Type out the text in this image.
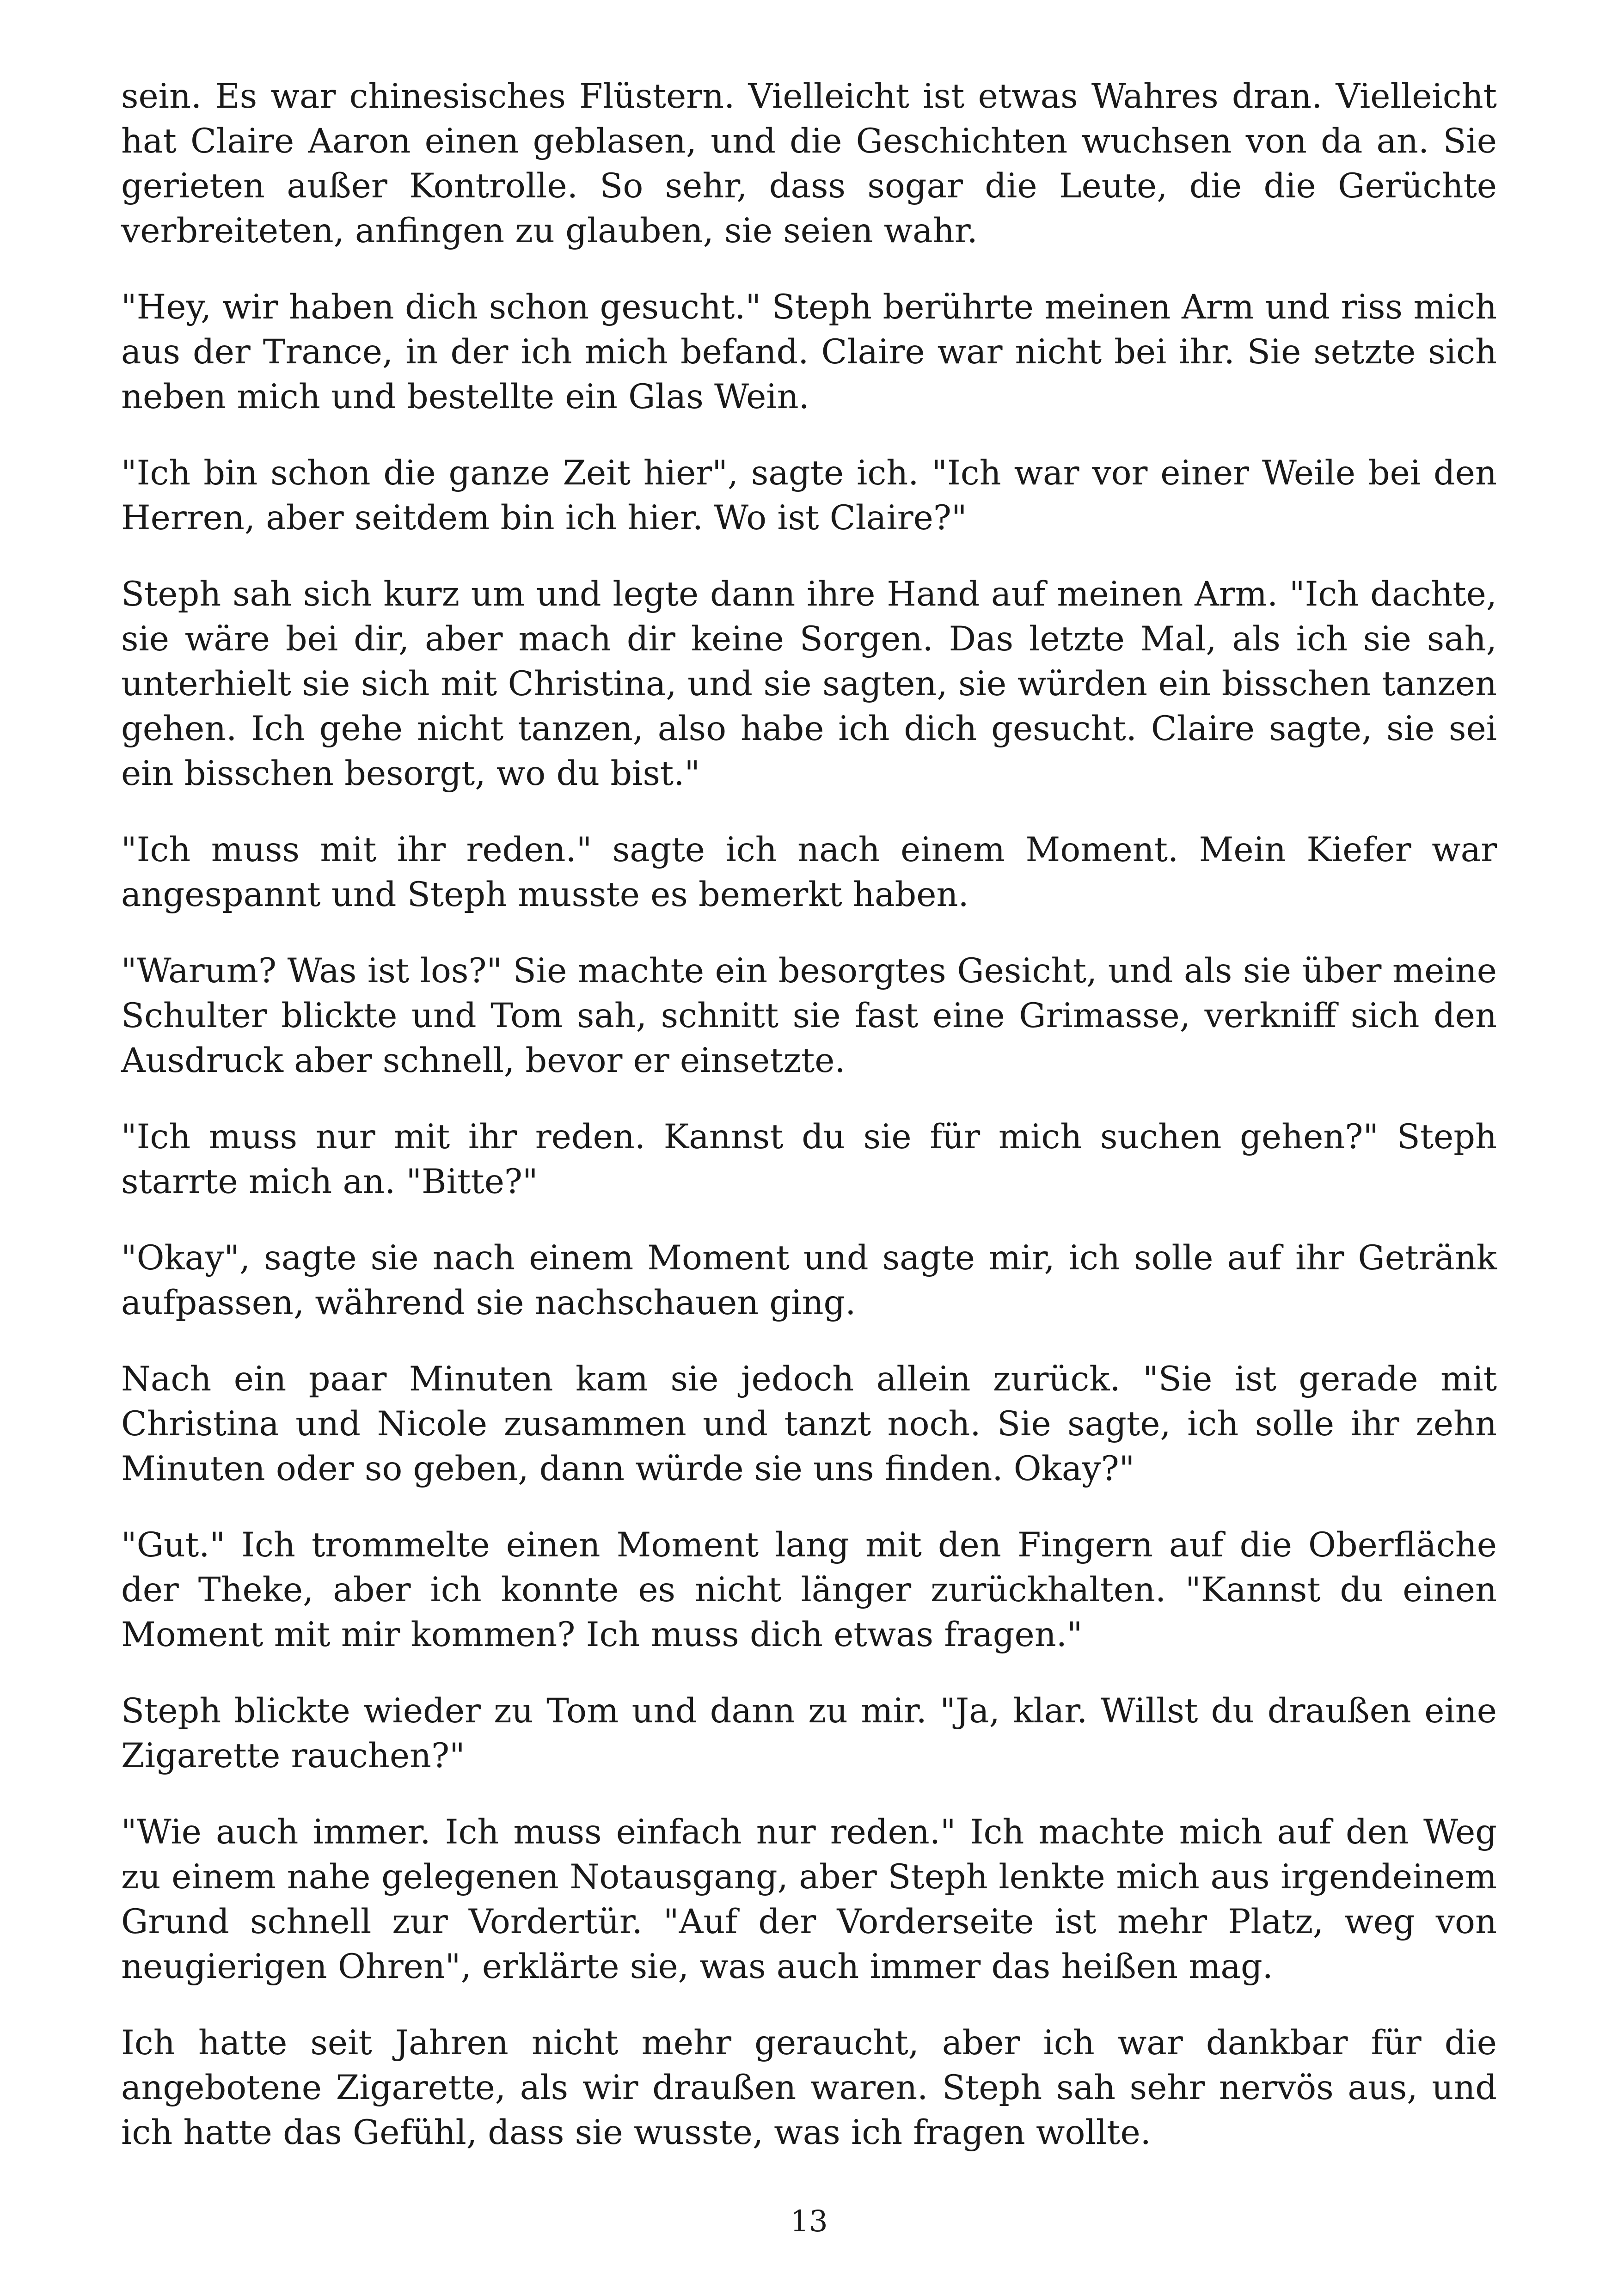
sein. Es war chinesisches Flüstern. Vielleicht ist etwas Wahres dran. Vielleicht hat Claire Aaron einen geblasen, und die Geschichten wuchsen von da an. Sie gerieten außer Kontrolle. So sehr, dass sogar die Leute, die die Gerüchte verbreiteten, anfingen zu glauben, sie seien wahr.

"Hey, wir haben dich schon gesucht." Steph berührte meinen Arm und riss mich aus der Trance, in der ich mich befand. Claire war nicht bei ihr. Sie setzte sich neben mich und bestellte ein Glas Wein.

"Ich bin schon die ganze Zeit hier", sagte ich. "Ich war vor einer Weile bei den Herren, aber seitdem bin ich hier. Wo ist Claire?"

Steph sah sich kurz um und legte dann ihre Hand auf meinen Arm. "Ich dachte, sie wäre bei dir, aber mach dir keine Sorgen. Das letzte Mal, als ich sie sah, unterhielt sie sich mit Christina, und sie sagten, sie würden ein bisschen tanzen gehen. Ich gehe nicht tanzen, also habe ich dich gesucht. Claire sagte, sie sei ein bisschen besorgt, wo du bist."

"Ich muss mit ihr reden." sagte ich nach einem Moment. Mein Kiefer war angespannt und Steph musste es bemerkt haben.

"Warum? Was ist los?" Sie machte ein besorgtes Gesicht, und als sie über meine Schulter blickte und Tom sah, schnitt sie fast eine Grimasse, verkniff sich den Ausdruck aber schnell, bevor er einsetzte.

"Ich muss nur mit ihr reden. Kannst du sie für mich suchen gehen?" Steph starrte mich an. "Bitte?"

"Okay", sagte sie nach einem Moment und sagte mir, ich solle auf ihr Getränk aufpassen, während sie nachschauen ging.

Nach ein paar Minuten kam sie jedoch allein zurück. "Sie ist gerade mit Christina und Nicole zusammen und tanzt noch. Sie sagte, ich solle ihr zehn Minuten oder so geben, dann würde sie uns finden. Okay?"

"Gut." Ich trommelte einen Moment lang mit den Fingern auf die Oberfläche der Theke, aber ich konnte es nicht länger zurückhalten. "Kannst du einen Moment mit mir kommen? Ich muss dich etwas fragen."

Steph blickte wieder zu Tom und dann zu mir. "Ja, klar. Willst du draußen eine Zigarette rauchen?"

"Wie auch immer. Ich muss einfach nur reden." Ich machte mich auf den Weg zu einem nahe gelegenen Notausgang, aber Steph lenkte mich aus irgendeinem Grund schnell zur Vordertür. "Auf der Vorderseite ist mehr Platz, weg von neugierigen Ohren", erklärte sie, was auch immer das heißen mag.

Ich hatte seit Jahren nicht mehr geraucht, aber ich war dankbar für die angebotene Zigarette, als wir draußen waren. Steph sah sehr nervös aus, und ich hatte das Gefühl, dass sie wusste, was ich fragen wollte.

13
